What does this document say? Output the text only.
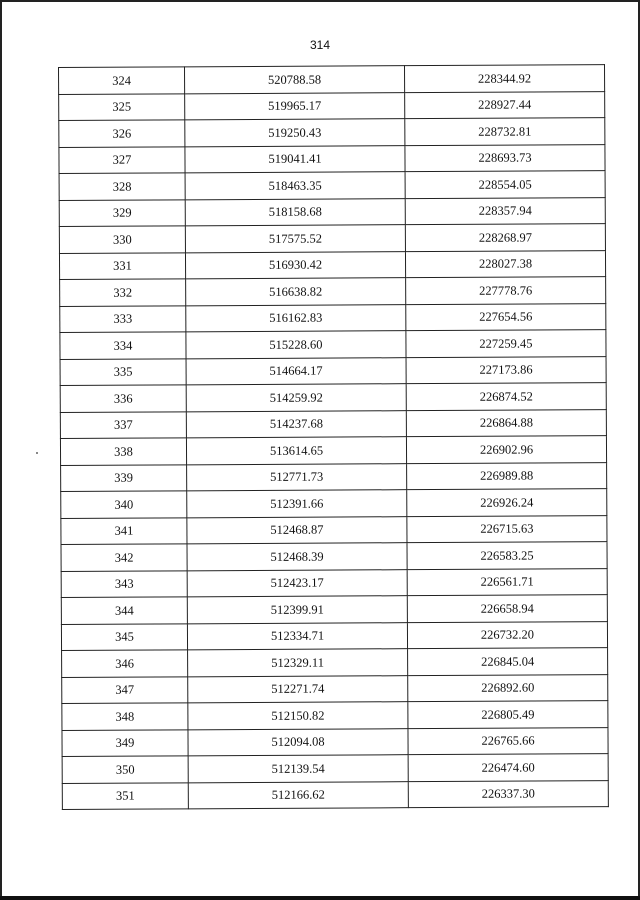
314
324	520788.58	228344.92
325	519965.17	228927.44
326	519250.43	228732.81
327	519041.41	228693.73
328	518463.35	228554.05
329	518158.68	228357.94
330	517575.52	228268.97
331	516930.42	228027.38
332	516638.82	227778.76
333	516162.83	227654.56
334	515228.60	227259.45
335	514664.17	227173.86
336	514259.92	226874.52
337	514237.68	226864.88
338	513614.65	226902.96
339	512771.73	226989.88
340	512391.66	226926.24
341	512468.87	226715.63
342	512468.39	226583.25
343	512423.17	226561.71
344	512399.91	226658.94
345	512334.71	226732.20
346	512329.11	226845.04
347	512271.74	226892.60
348	512150.82	226805.49
349	512094.08	226765.66
350	512139.54	226474.60
351	512166.62	226337.30
